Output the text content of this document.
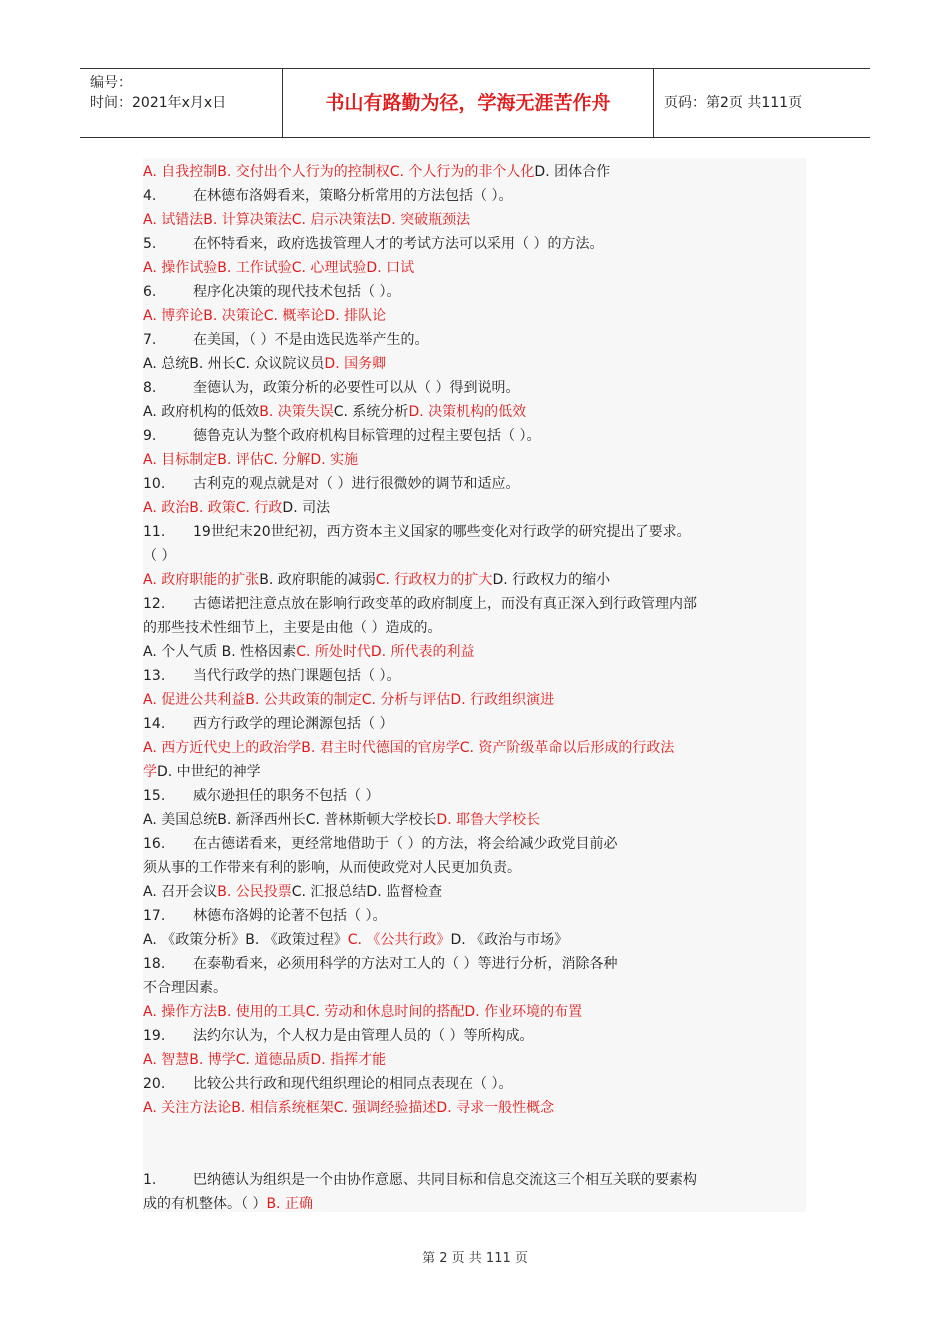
编号：
时间：2021年x月x日	书山有路勤为径，学海无涯苦作舟	页码：第2页 共111页
A. 自我控制B. 交付出个人行为的控制权C. 个人行为的非个人化D. 团体合作
4.	在林德布洛姆看来，策略分析常用的方法包括（ ）。
A. 试错法B. 计算决策法C. 启示决策法D. 突破瓶颈法
5.	在怀特看来，政府选拔管理人才的考试方法可以采用（ ）的方法。
A. 操作试验B. 工作试验C. 心理试验D. 口试
6.	程序化决策的现代技术包括（ ）。
A. 博弈论B. 决策论C. 概率论D. 排队论
7.	在美国，（ ）不是由选民选举产生的。
A. 总统B. 州长C. 众议院议员D. 国务卿
8.	奎德认为，政策分析的必要性可以从（ ）得到说明。
A. 政府机构的低效B. 决策失误C. 系统分析D. 决策机构的低效
9.	德鲁克认为整个政府机构目标管理的过程主要包括（ ）。
A. 目标制定B. 评估C. 分解D. 实施
10. 古利克的观点就是对（ ）进行很微妙的调节和适应。
A. 政治B. 政策C. 行政D. 司法
11. 19世纪末20世纪初，西方资本主义国家的哪些变化对行政学的研究提出了要求。
（ ）
A. 政府职能的扩张B. 政府职能的减弱C. 行政权力的扩大D. 行政权力的缩小
12. 古德诺把注意点放在影响行政变革的政府制度上，而没有真正深入到行政管理内部
的那些技术性细节上，主要是由他（ ）造成的。
A. 个人气质 B. 性格因素C. 所处时代D. 所代表的利益
13. 当代行政学的热门课题包括（ ）。
A. 促进公共利益B. 公共政策的制定C. 分析与评估D. 行政组织演进
14. 西方行政学的理论渊源包括（ ）
A. 西方近代史上的政治学B. 君主时代德国的官房学C. 资产阶级革命以后形成的行政法
学D. 中世纪的神学
15. 威尔逊担任的职务不包括（ ）
A. 美国总统B. 新泽西州长C. 普林斯顿大学校长D. 耶鲁大学校长
16. 在古德诺看来，更经常地借助于（ ）的方法，将会给减少政党目前必
须从事的工作带来有利的影响，从而使政党对人民更加负责。
A. 召开会议B. 公民投票C. 汇报总结D. 监督检查
17. 林德布洛姆的论著不包括（ ）。
A. 《政策分析》B. 《政策过程》C. 《公共行政》D. 《政治与市场》
18. 在泰勒看来，必须用科学的方法对工人的（ ）等进行分析，消除各种
不合理因素。
A. 操作方法B. 使用的工具C. 劳动和休息时间的搭配D. 作业环境的布置
19. 法约尔认为，个人权力是由管理人员的（ ）等所构成。
A. 智慧B. 博学C. 道德品质D. 指挥才能
20. 比较公共行政和现代组织理论的相同点表现在（ ）。
A. 关注方法论B. 相信系统框架C. 强调经验描述D. 寻求一般性概念
1.	巴纳德认为组织是一个由协作意愿、共同目标和信息交流这三个相互关联的要素构
成的有机整体。（ ）B. 正确
第 2 页 共 111 页
